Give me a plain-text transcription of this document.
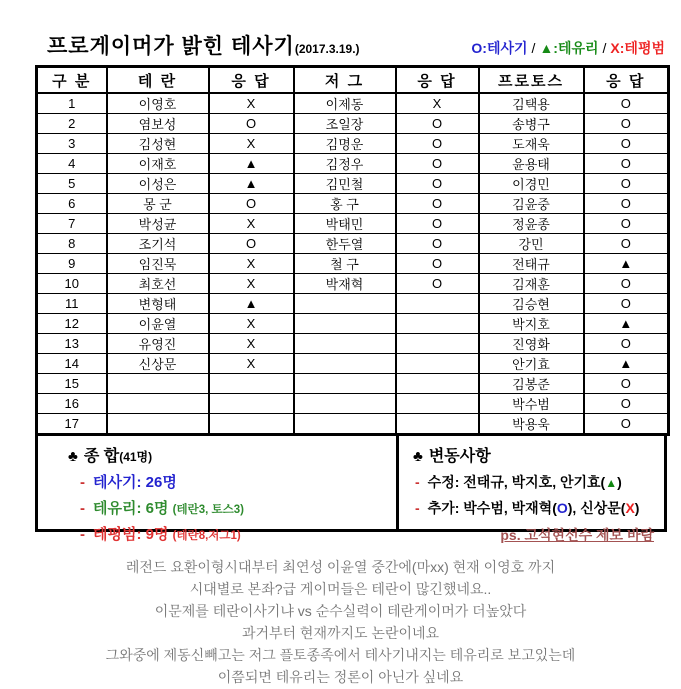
프로게이머가 밝힌 테사기(2017.3.19.)	O:테사기 / ▲:테유리 / X:테평범
구 분	테 란	응 답	저 그	응 답	프로토스	응 답
1	이영호	X	이제동	X	김택용	O
2	염보성	O	조일장	O	송병구	O
3	김성현	X	김명운	O	도재욱	O
4	이재호	▲	김정우	O	윤용태	O
5	이성은	▲	김민철	O	이경민	O
6	몽 군	O	홍 구	O	김윤중	O
7	박성균	X	박태민	O	정윤종	O
8	조기석	O	한두열	O	강민	O
9	임진묵	X	철 구	O	전태규	▲
10	최호선	X	박재혁	O	김재훈	O
11	변형태	▲			김승현	O
12	이윤열	X			박지호	▲
13	유영진	X			진영화	O
14	신상문	X			안기효	▲
15					김봉준	O
16					박수범	O
17					박용욱	O
♣ 종 합(41명)
- 테사기: 26명
- 테유리: 6명 (테란3, 토스3)
- 테평범: 9명 (테란8,저그1)
♣ 변동사항
- 수정: 전태규, 박지호, 안기효(▲)
- 추가: 박수범, 박재혁(O), 신상문(X)
ps. 고석현선수 제보 바람
레전드 요환이형시대부터 최연성 이윤열 중간에(마xx) 현재 이영호 까지
시대별로 본좌?급 게이머들은 테란이 많긴했네요..
이문제를 테란이사기냐 vs 순수실력이 테란게이머가 더높았다
과거부터 현재까지도 논란이네요
그와중에 제동신빼고는 저그 플토종족에서 테사기내지는 테유리로 보고있는데
이쯤되면 테유리는 정론이 아닌가 싶네요
